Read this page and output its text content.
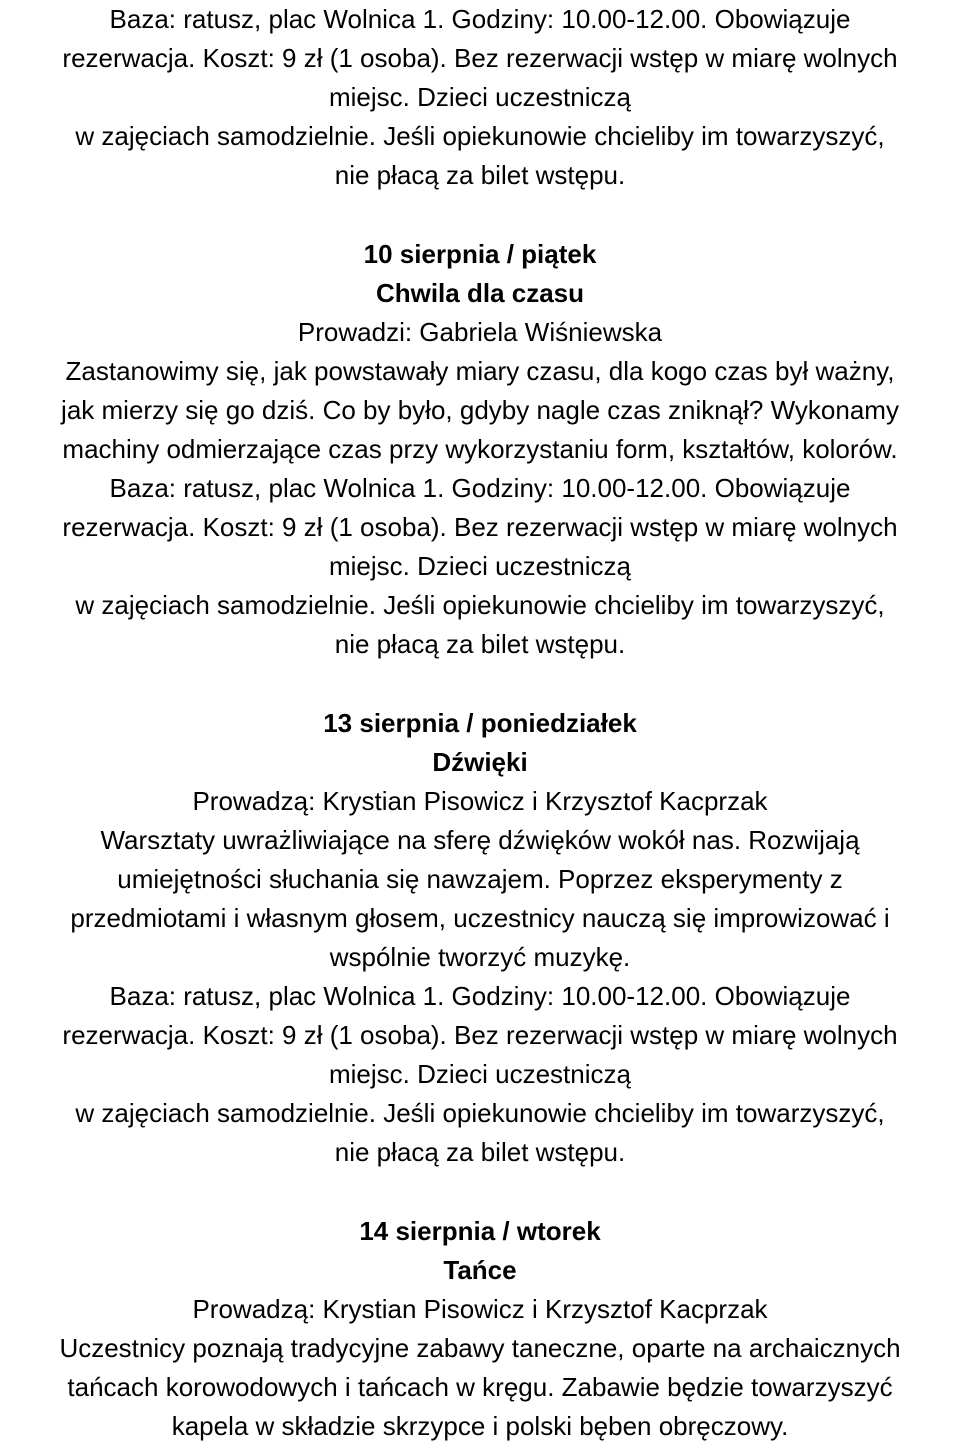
Baza: ratusz, plac Wolnica 1. Godziny: 10.00-12.00. Obowiązuje
rezerwacja. Koszt: 9 zł (1 osoba). Bez rezerwacji wstęp w miarę wolnych
miejsc. Dzieci uczestniczą
w zajęciach samodzielnie. Jeśli opiekunowie chcieliby im towarzyszyć,
nie płacą za bilet wstępu.
10 sierpnia / piątek
Chwila dla czasu
Prowadzi: Gabriela Wiśniewska
Zastanowimy się, jak powstawały miary czasu, dla kogo czas był ważny,
jak mierzy się go dziś. Co by było, gdyby nagle czas zniknął? Wykonamy
machiny odmierzające czas przy wykorzystaniu form, kształtów, kolorów.
Baza: ratusz, plac Wolnica 1. Godziny: 10.00-12.00. Obowiązuje
rezerwacja. Koszt: 9 zł (1 osoba). Bez rezerwacji wstęp w miarę wolnych
miejsc. Dzieci uczestniczą
w zajęciach samodzielnie. Jeśli opiekunowie chcieliby im towarzyszyć,
nie płacą za bilet wstępu.
13 sierpnia / poniedziałek
Dźwięki
Prowadzą: Krystian Pisowicz i Krzysztof Kacprzak
Warsztaty uwrażliwiające na sferę dźwięków wokół nas. Rozwijają
umiejętności słuchania się nawzajem. Poprzez eksperymenty z
przedmiotami i własnym głosem, uczestnicy nauczą się improwizować i
wspólnie tworzyć muzykę.
Baza: ratusz, plac Wolnica 1. Godziny: 10.00-12.00. Obowiązuje
rezerwacja. Koszt: 9 zł (1 osoba). Bez rezerwacji wstęp w miarę wolnych
miejsc. Dzieci uczestniczą
w zajęciach samodzielnie. Jeśli opiekunowie chcieliby im towarzyszyć,
nie płacą za bilet wstępu.
14 sierpnia / wtorek
Tańce
Prowadzą: Krystian Pisowicz i Krzysztof Kacprzak
Uczestnicy poznają tradycyjne zabawy taneczne, oparte na archaicznych
tańcach korowodowych i tańcach w kręgu. Zabawie będzie towarzyszyć
kapela w składzie skrzypce i polski bęben obręczowy.
